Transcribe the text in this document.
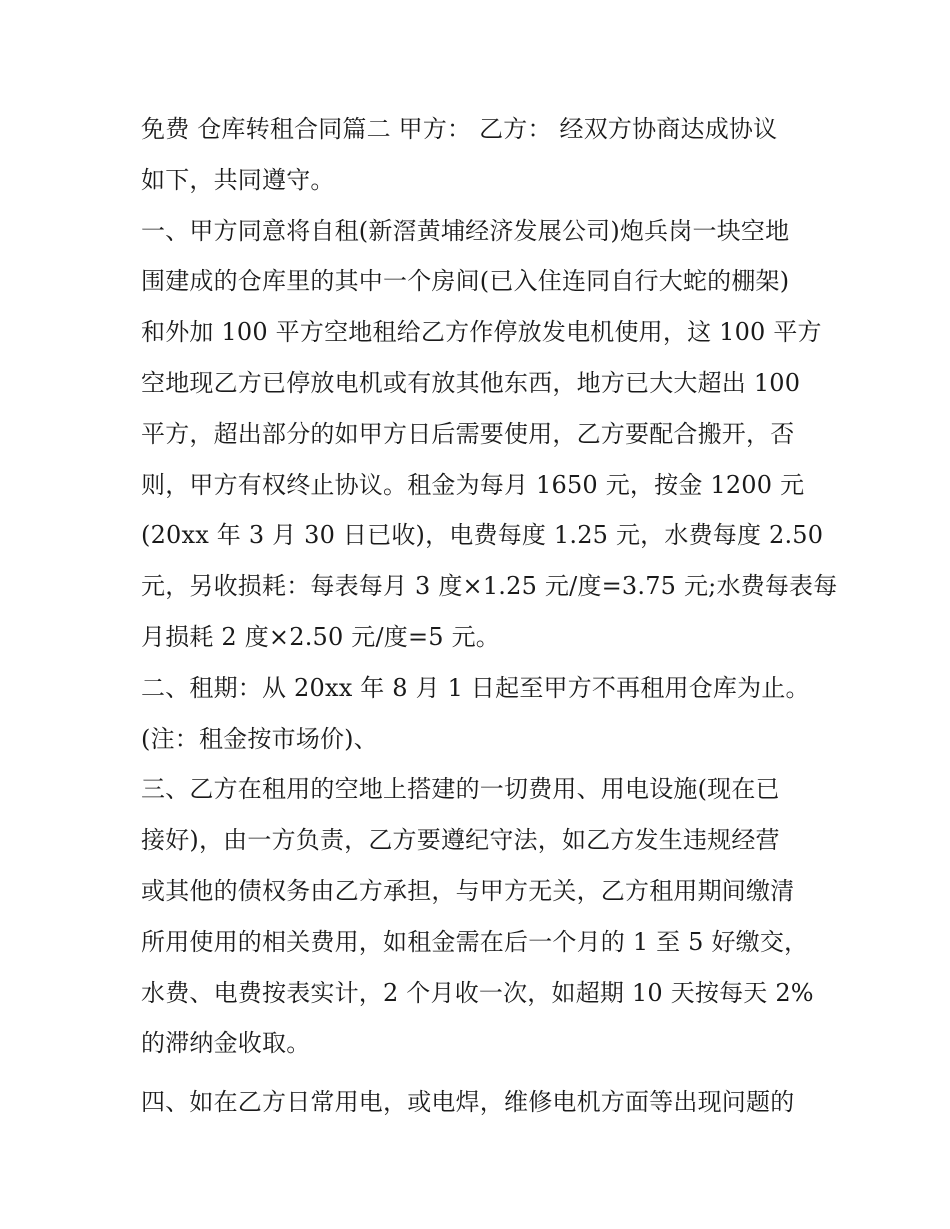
免费 仓库转租合同篇二 甲方： 乙方： 经双方协商达成协议
如下，共同遵守。
一、甲方同意将自租(新滘黄埔经济发展公司)炮兵岗一块空地
围建成的仓库里的其中一个房间(已入住连同自行大蛇的棚架)
和外加 100 平方空地租给乙方作停放发电机使用，这 100 平方
空地现乙方已停放电机或有放其他东西，地方已大大超出 100
平方，超出部分的如甲方日后需要使用，乙方要配合搬开，否
则，甲方有权终止协议。租金为每月 1650 元，按金 1200 元
(20xx 年 3 月 30 日已收)，电费每度 1.25 元，水费每度 2.50
元，另收损耗：每表每月 3 度×1.25 元/度=3.75 元;水费每表每
月损耗 2 度×2.50 元/度=5 元。
二、租期：从 20xx 年 8 月 1 日起至甲方不再租用仓库为止。
(注：租金按市场价)、
三、乙方在租用的空地上搭建的一切费用、用电设施(现在已
接好)，由一方负责，乙方要遵纪守法，如乙方发生违规经营
或其他的债权务由乙方承担，与甲方无关，乙方租用期间缴清
所用使用的相关费用，如租金需在后一个月的 1 至 5 好缴交，
水费、电费按表实计，2 个月收一次，如超期 10 天按每天 2%
的滞纳金收取。
四、如在乙方日常用电，或电焊，维修电机方面等出现问题的
